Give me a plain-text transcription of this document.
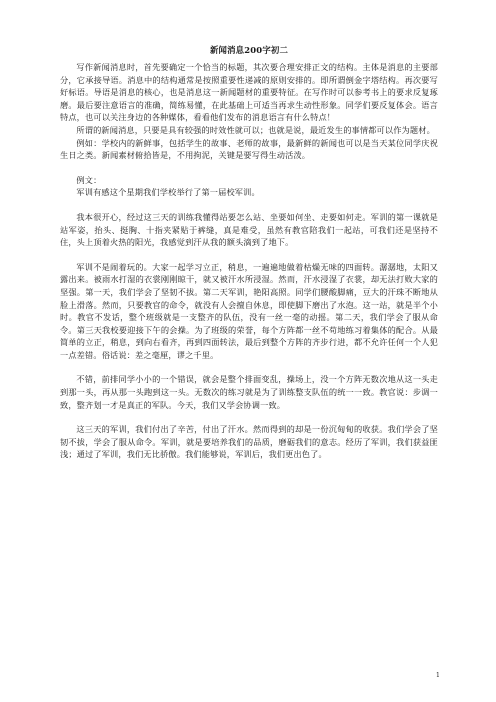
新闻消息200字初二

写作新闻消息时，首先要确定一个恰当的标题，其次要合理安排正文的结构。主体是消息的主要部分，它承接导语。消息中的结构通常是按照重要性递减的原则安排的。即所谓倒金字塔结构。再次要写好标语。导语是消息的核心，也是消息这一新闻题材的重要特征。在写作时可以参考书上的要求反复琢磨。最后要注意语言的准确，简练易懂，在此基础上可适当再求生动性形象。同学们要反复体会。语言特点，也可以关注身边的各种媒体，看看他们发布的消息语言有什么特点！

所谓的新闻消息，只要是具有较强的时效性就可以；也就是说，最近发生的事情都可以作为题材。

例如：学校内的新鲜事，包括学生的故事、老师的故事，最新鲜的新闻也可以是当天某位同学庆祝生日之类。新闻素材俯拾皆是，不用拘泥，关键是要写得生动活泼。

例文：

军训有感这个星期我们学校举行了第一届校军训。

我本很开心，经过这三天的训练我懂得站要怎么站、坐要如何坐、走要如何走。军训的第一课就是站军姿，抬头、挺胸、十指夹紧贴于裤缝，真是难受，虽然有教官陪我们一起站，可我们还是坚持不住，头上顶着火热的阳光，我感觉到汗从我的额头滴到了地下。

军训不是闹着玩的。大家一起学习立正，稍息，一遍遍地做着枯燥无味的四面转。潺潺地，太阳又露出来。被雨水打湿的衣裳刚刚晾干，就又被汗水所浸湿。然而，汗水浸湿了衣裳，却无法打败大家的坚强。第一天，我们学会了坚韧不拔。第二天军训，艳阳高照。同学们腰酸脚痛，豆大的汗珠不断地从脸上滑落。然而，只要教官的命令，就没有人会擅自休息，即使脚下磨出了水泡。这一站，就是半个小时。教官不发话，整个班级就是一支整齐的队伍，没有一丝一毫的动摇。第二天，我们学会了服从命令。第三天我校要迎接下午的会操。为了班级的荣誉，每个方阵都一丝不苟地练习着集体的配合。从最简单的立正，稍息，到向右看齐，再到四面转法，最后到整个方阵的齐步行进，都不允许任何一个人犯一点差错。俗话说：差之毫厘，谬之千里。

不错，前排同学小小的一个错误，就会是整个排面变乱，操场上，没一个方阵无数次地从这一头走到那一头，再从那一头跑到这一头。无数次的练习就是为了训练整支队伍的统一一致。教官说：步调一致，整齐划一才是真正的军队。今天，我们又学会协调一致。

这三天的军训，我们付出了辛苦，付出了汗水。然而得到的却是一份沉甸甸的收获。我们学会了坚韧不拔，学会了服从命令。军训，就是要培养我们的品质，磨砺我们的意志。经历了军训，我们获益匪浅；通过了军训，我们无比骄傲。我们能够说，军训后，我们更出色了。

1
